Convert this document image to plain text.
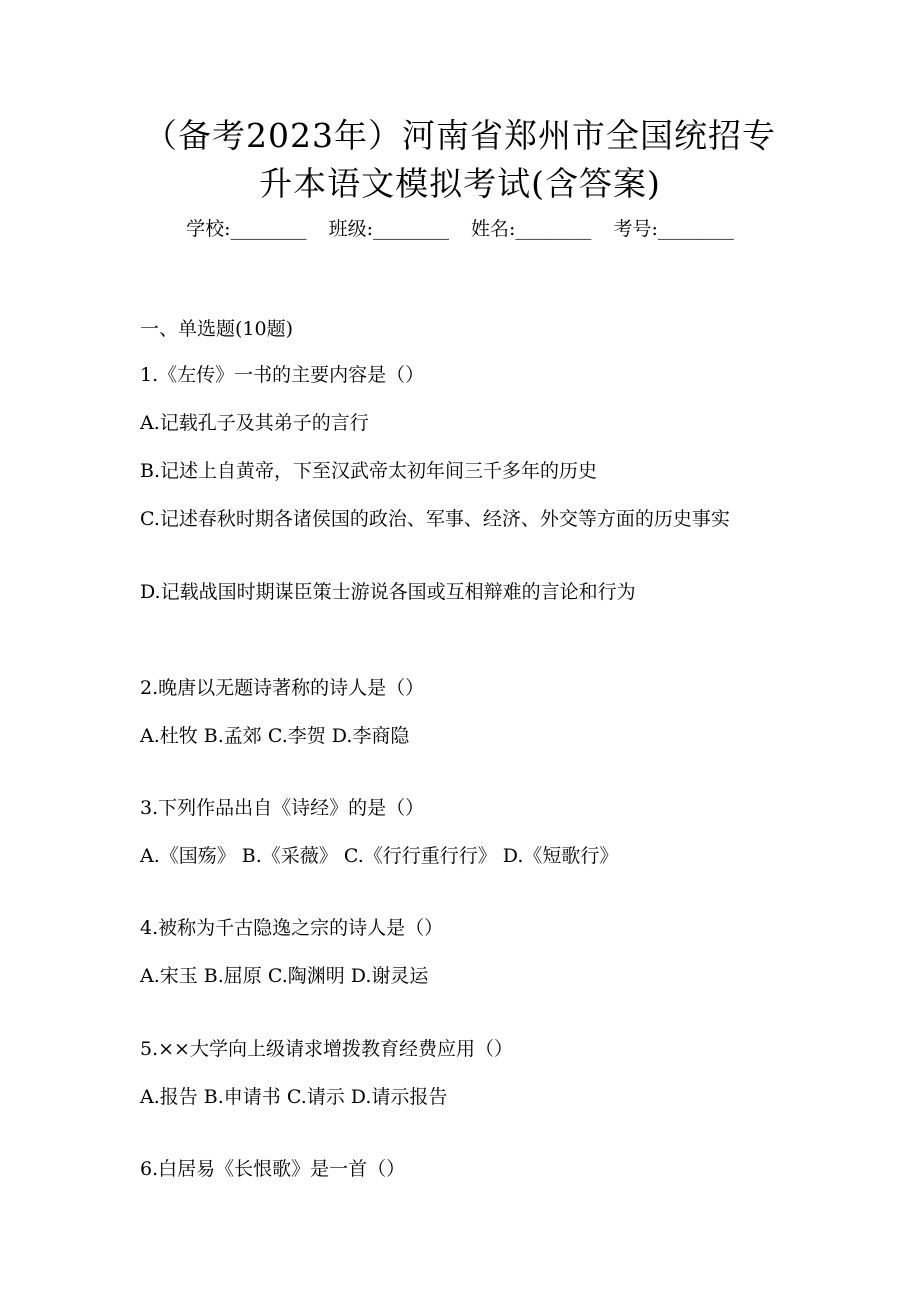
（备考2023年）河南省郑州市全国统招专
升本语文模拟考试(含答案)
学校:________ 班级:________ 姓名:________ 考号:________
一、单选题(10题)
1.《左传》一书的主要内容是（）
A.记载孔子及其弟子的言行
B.记述上自黄帝，下至汉武帝太初年间三千多年的历史
C.记述春秋时期各诸侯国的政治、军事、经济、外交等方面的历史事实
D.记载战国时期谋臣策士游说各国或互相辩难的言论和行为
2.晚唐以无题诗著称的诗人是（）
A.杜牧 B.孟郊 C.李贺 D.李商隐
3.下列作品出自《诗经》的是（）
A.《国殇》 B.《采薇》 C.《行行重行行》 D.《短歌行》
4.被称为千古隐逸之宗的诗人是（）
A.宋玉 B.屈原 C.陶渊明 D.谢灵运
5.××大学向上级请求增拨教育经费应用（）
A.报告 B.申请书 C.请示 D.请示报告
6.白居易《长恨歌》是一首（）
